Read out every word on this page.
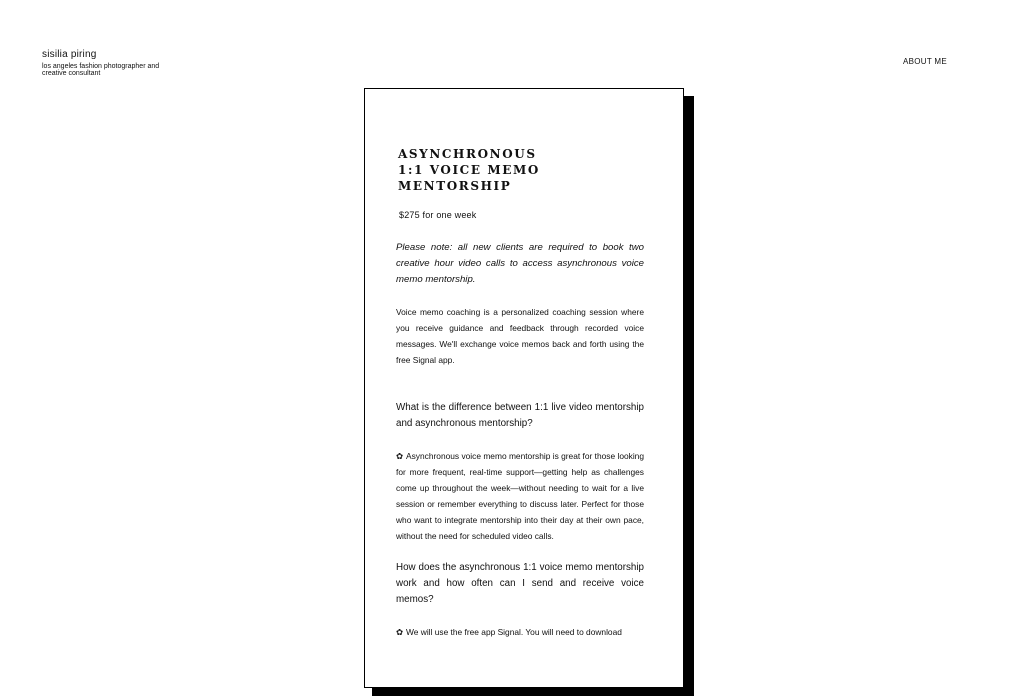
sisilia piring
los angeles fashion photographer and creative consultant
ABOUT ME
ASYNCHRONOUS 1:1 VOICE MEMO MENTORSHIP
$275 for one week
Please note: all new clients are required to book two creative hour video calls to access asynchronous voice memo mentorship.
Voice memo coaching is a personalized coaching session where you receive guidance and feedback through recorded voice messages. We'll exchange voice memos back and forth using the free Signal app.
What is the difference between 1:1 live video mentorship and asynchronous mentorship?
✿ Asynchronous voice memo mentorship is great for those looking for more frequent, real-time support—getting help as challenges come up throughout the week—without needing to wait for a live session or remember everything to discuss later. Perfect for those who want to integrate mentorship into their day at their own pace, without the need for scheduled video calls.
How does the asynchronous 1:1 voice memo mentorship work and how often can I send and receive voice memos?
✿ We will use the free app Signal. You will need to download
